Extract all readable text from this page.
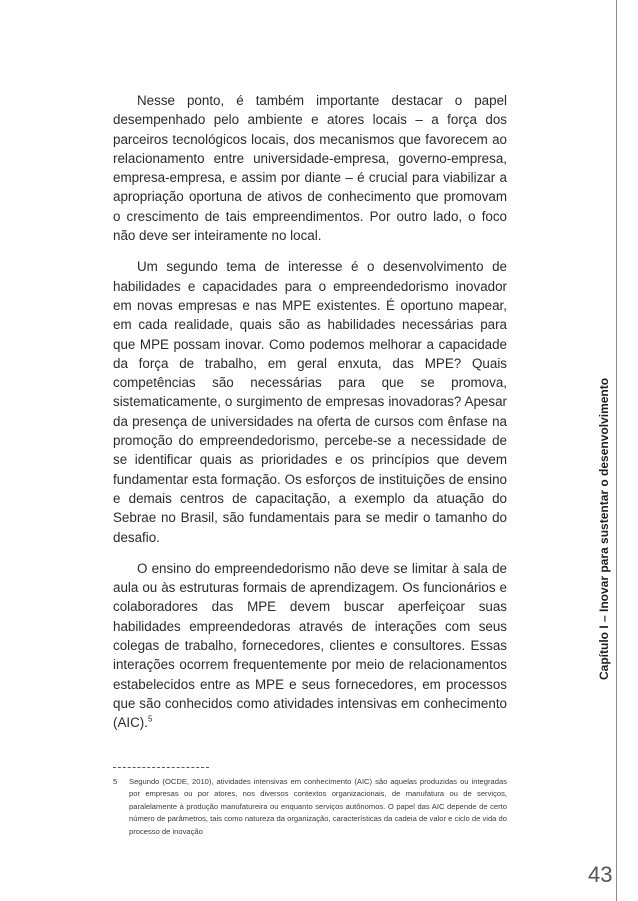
Nesse ponto, é também importante destacar o papel desempenhado pelo ambiente e atores locais – a força dos parceiros tecnológicos locais, dos mecanismos que favorecem ao relacionamento entre universidade-empresa, governo-empresa, empresa-empresa, e assim por diante – é crucial para viabilizar a apropriação oportuna de ativos de conhecimento que promovam o crescimento de tais empreendimentos. Por outro lado, o foco não deve ser inteiramente no local.

Um segundo tema de interesse é o desenvolvimento de habilidades e capacidades para o empreendedorismo inovador em novas empresas e nas MPE existentes. É oportuno mapear, em cada realidade, quais são as habilidades necessárias para que MPE possam inovar. Como podemos melhorar a capacidade da força de trabalho, em geral enxuta, das MPE? Quais competências são necessárias para que se promova, sistematicamente, o surgimento de empresas inovadoras? Apesar da presença de universidades na oferta de cursos com ênfase na promoção do empreendedorismo, percebe-se a necessidade de se identificar quais as prioridades e os princípios que devem fundamentar esta formação. Os esforços de instituições de ensino e demais centros de capacitação, a exemplo da atuação do Sebrae no Brasil, são fundamentais para se medir o tamanho do desafio.

O ensino do empreendedorismo não deve se limitar à sala de aula ou às estruturas formais de aprendizagem. Os funcionários e colaboradores das MPE devem buscar aperfeiçoar suas habilidades empreendedoras através de interações com seus colegas de trabalho, fornecedores, clientes e consultores. Essas interações ocorrem frequentemente por meio de relacionamentos estabelecidos entre as MPE e seus fornecedores, em processos que são conhecidos como atividades intensivas em conhecimento (AIC).$^5$

5	Segundo (OCDE, 2010), atividades intensivas em conhecimento (AIC) são aquelas produzidas ou integradas por empresas ou por atores, nos diversos contextos organizacionais, de manufatura ou de serviços, paralelamente à produção manufatureira ou enquanto serviços autônomos. O papel das AIC depende de certo número de parâmetros, tais como natureza da organização, características da cadeia de valor e ciclo de vida do processo de inovação
Capítulo I – Inovar para sustentar o desenvolvimento
43
